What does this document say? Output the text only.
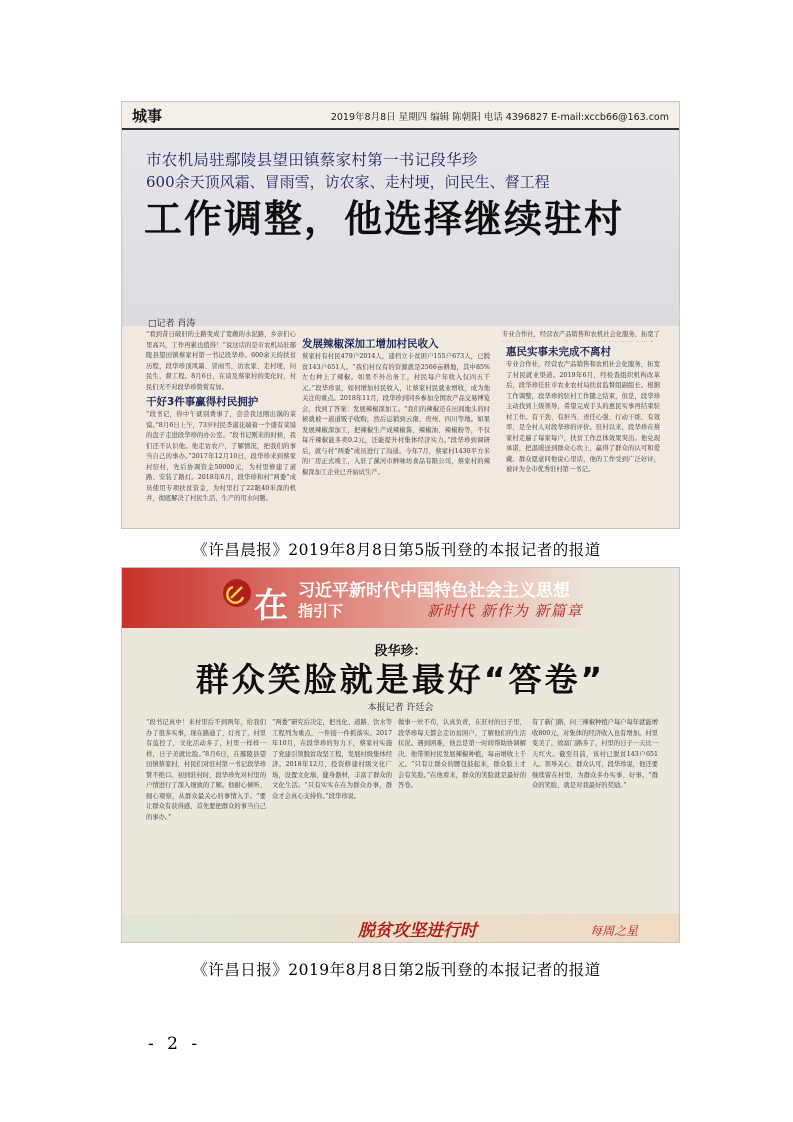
城事	2019年8月8日 星期四 编辑 陈朝阳 电话 4396827 E-mail:xccb66@163.com
市农机局驻鄢陵县望田镇蔡家村第一书记段华珍
600余天顶风霜、冒雨雪，访农家、走村埂，问民生、督工程
工作调整，他选择继续驻村
□记者 肖涛
“看到昔日破旧的土路变成了宽敞的水泥路，乡亲们心里高兴，工作再累也值得！”说这话的是市农机局驻鄢陵县望田镇蔡家村第一书记段华珍。600余天的扶贫历程，段华珍顶风霜、冒雨雪，访农家、走村埂，问民生、督工程。8月6日，在谈及蔡家村的变化时，村民们无不对段华珍赞赏有加。
干好3件事赢得村民拥护
“段书记，你中午就别费事了，尝尝我这刚出锅的菜馍。”8月6日上午，73岁村民李淑花端着一个盛有菜馍的盘子走进段华珍的办公室。“段书记刚来的时候，我们还不认识他。他走访农户，了解情况，把我们的事当自己的事办。”2017年12月10日，段华珍来到蔡家村驻村，先后协调资金50000元，为村里修建了道路、安装了路灯。2018年6月，段华珍和村“两委”成员使用专项扶贫资金，为村里打了22眼40米深的机井，彻底解决了村民生活、生产的用水问题。
发展辣椒深加工增加村民收入
蔡家村有村民479户2014人，建档立卡贫困户155户673人，已脱贫143户651人。“我们村仅有的资源就是2566亩耕地，其中85%左右种上了辣椒。如果不外出务工，村民每户年收入仅四五千元。”段华珍说，如何增加村民收入，让蔡家村民就业增收，成为他关注的重点。2018年11月，段华珍到同乡参加全国农产品交易博览会，找到了答案：发展辣椒深加工。“我们的辣椒还在田间地头的时候就被一道道贩子收购，然后运销到云南、贵州、四川等地。如果发展辣椒深加工，把辣椒生产成辣椒酱、辣椒油、辣椒粉等，不仅每斤辣椒能多卖0.2元，还能提升村集体经济实力。”段华珍到调研后，就与村“两委”成员进行了沟通。今年7月，蔡家村1430平方米的厂房正式竣工，入驻了漯河市鲜味坊食品有限公司，蔡家村的辣椒深加工企业已开始试生产。
专业合作社，经营农产品销售和农机社会化服务，拓宽了
惠民实事未完成不离村
专业合作社，经营农产品销售和农机社会化服务，拓宽了村民就业渠道。2019年6月，经检查组织机构改革后，段华珍任驻市农业农村局扶贫监督组副组长。根据工作调整，段华珍的驻村工作随之结束，但是，段华珍主动找到上级领导，希望完成手头的惠民实事再结束驻村工作。有干劲、有担当、责任心强、行动干练、有效率，是全村人对段华珍的评价。驻村以来，段华珍在蔡家村走遍了每家每户，扶贫工作总体效果突出。他兑现承诺，把温暖送到群众心坎上，赢得了群众的认可和爱戴。群众愿意同他说心里话，他的工作受到广泛好评，被评为全市优秀驻村第一书记。
《许昌晨报》2019年8月8日第5版刊登的本报记者的报道
在 指引下
习近平新时代中国特色社会主义思想
新时代 新作为 新篇章
段华珍：
群众笑脸就是最好“答卷”
本报记者 许廷会
“段书记真中！来村里后不到两年，给我们办了很多实事，现在路通了、灯亮了，村里有监控了，文化活动多了，村里一样样一样，日子美就比脸。”8月6日，在鄢陵县望田镇蔡家村，村民们对驻村第一书记段华珍赞不绝口。初到驻村时，段华珍先对村里的户情进行了深入细致的了解。他耐心倾听、细心观察，从群众最关心的事情入手。“要让群众有获得感，首先要把群众的事当自己的事办。”
“两委”研究后决定，把亮化、道路、饮水等工程列为重点，一件接一件抓落实。2017年10月，在段华珍的努力下，蔡家村实施了党建引领脱贫攻坚工程，发展村级集体经济。2018年12月，投资修建村级文化广场，设置文化墙、健身器材，丰富了群众的文化生活。“只有实实在在为群众办事，群众才会真心支持你。”段华珍说。
做事一丝不苟，认真负责，在驻村的日子里，段华珍每天都会走访贫困户，了解他们的生活状况。遇到困难，他总是第一时间帮助协调解决。他带领村民发展辣椒种植，每亩增收上千元。“只有让群众的腰包鼓起来，群众脸上才会有笑脸。”在他看来，群众的笑脸就是最好的答卷。
有了新门路，问三辣椒种植户每户每年就能增收800元，对集体的经济收入也有增加。村里变美了，致富门路多了，村里的日子一天比一天红火。截至目前，该村已脱贫143户651人。领导关心、群众认可，段华珍说，他还要继续留在村里，为群众多办实事、好事。“群众的笑脸，就是对我最好的奖励。”
脱贫攻坚进行时	每周之星
《许昌日报》2019年8月8日第2版刊登的本报记者的报道
- 2 -
